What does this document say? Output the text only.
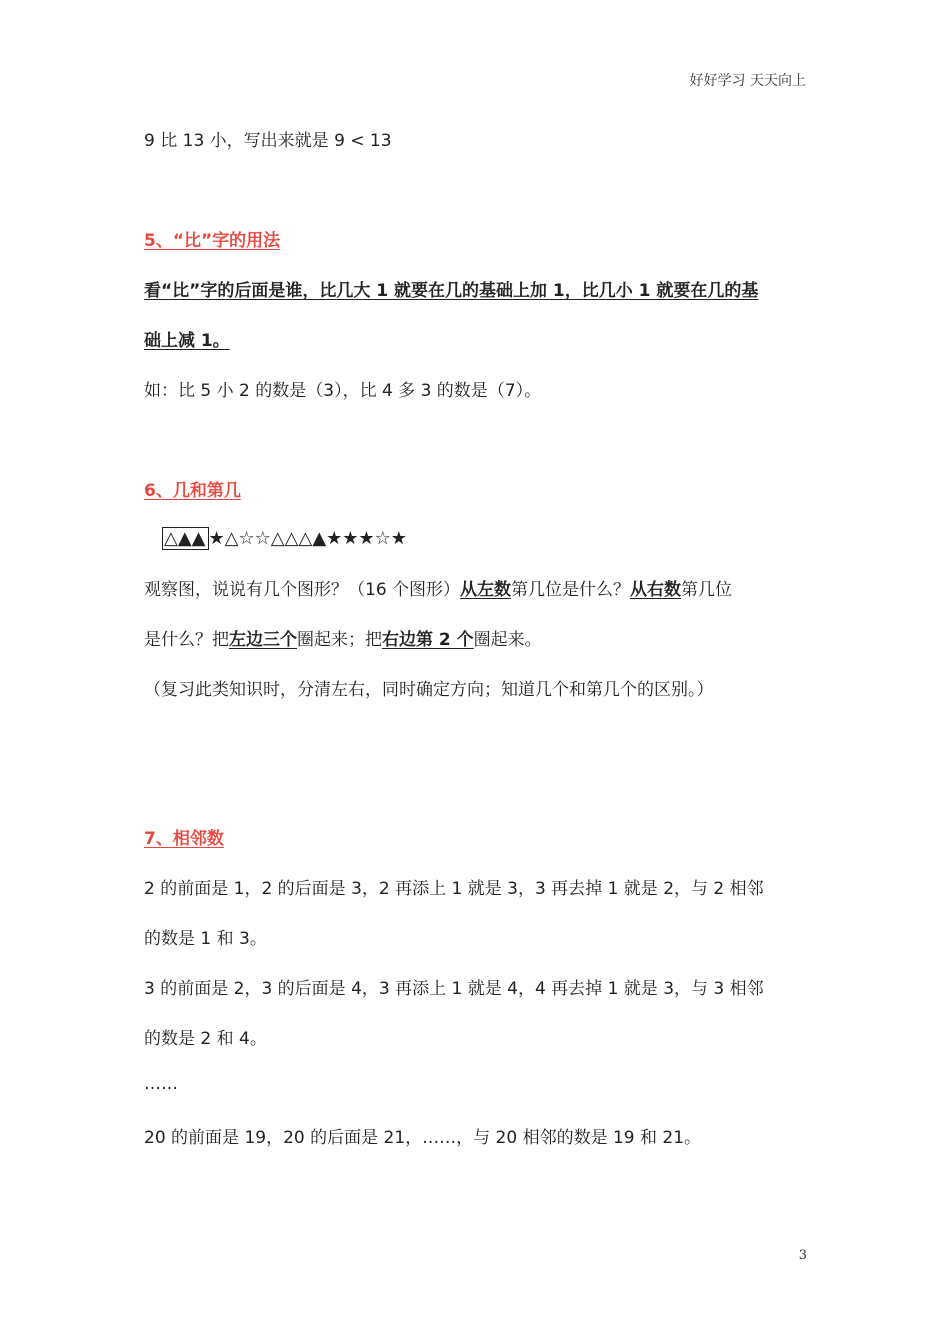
好好学习 天天向上
9 比 13 小，写出来就是 9 < 13
5、“比”字的用法
看“比”字的后面是谁，比几大 1 就要在几的基础上加 1，比几小 1 就要在几的基
础上减 1。
如：比 5 小 2 的数是（3），比 4 多 3 的数是（7）。
6、几和第几
△▲▲ ★△☆☆△△△▲★★★☆★
观察图，说说有几个图形？（16 个图形）从左数第几位是什么？从右数第几位
是什么？把左边三个圈起来；把右边第 2 个圈起来。
（复习此类知识时，分清左右，同时确定方向；知道几个和第几个的区别。）
7、相邻数
2 的前面是 1，2 的后面是 3，2 再添上 1 就是 3，3 再去掉 1 就是 2，与 2 相邻
的数是 1 和 3。
3 的前面是 2，3 的后面是 4，3 再添上 1 就是 4，4 再去掉 1 就是 3，与 3 相邻
的数是 2 和 4。
……
20 的前面是 19，20 的后面是 21，……，与 20 相邻的数是 19 和 21。
3
